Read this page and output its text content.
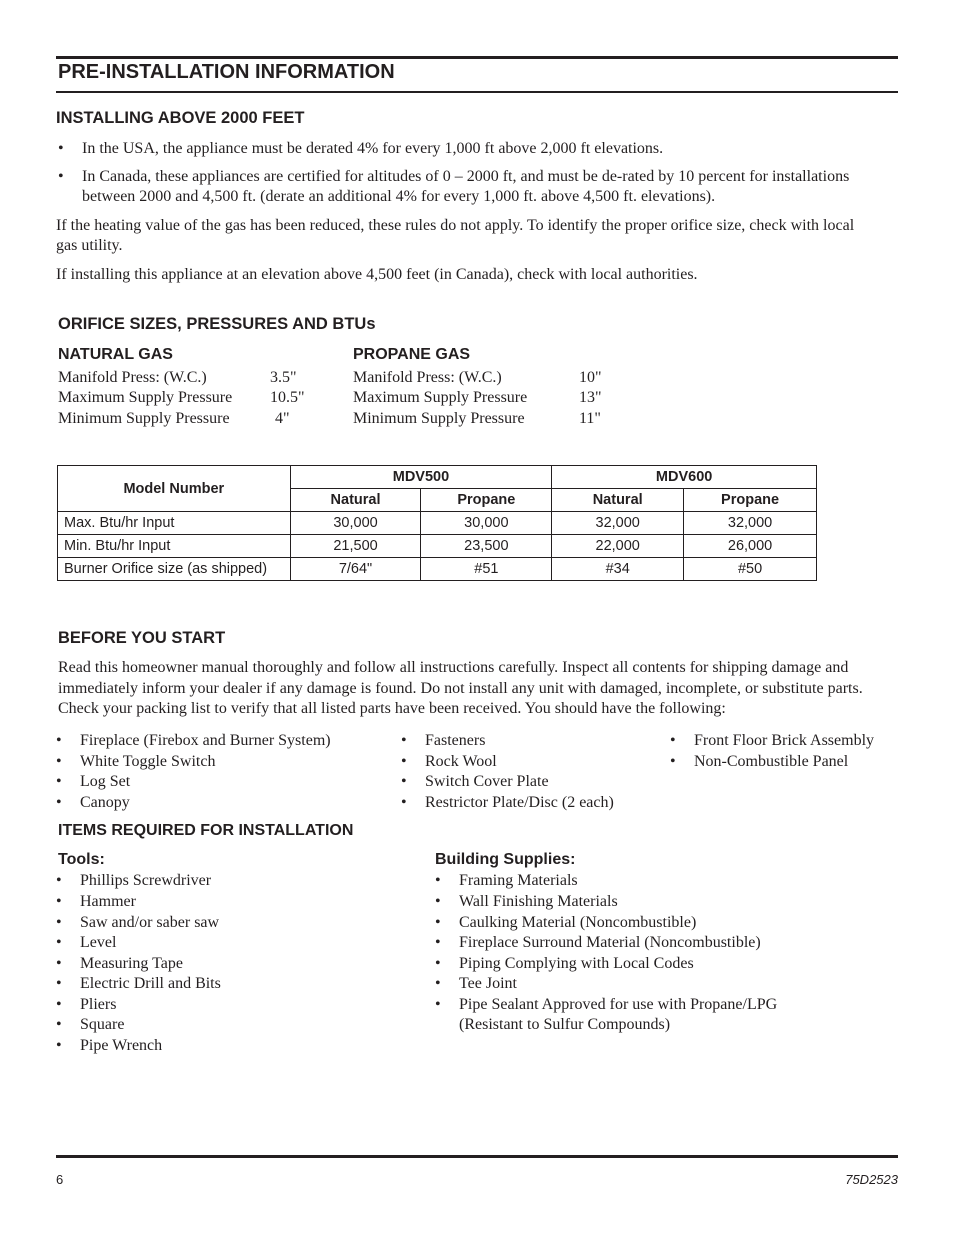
PRE-INSTALLATION INFORMATION
INSTALLING ABOVE 2000 FEET
• In the USA, the appliance must be derated 4% for every 1,000 ft above 2,000 ft elevations.
• In Canada, these appliances are certified for altitudes of 0 – 2000 ft, and must be de-rated by 10 percent for installations
between 2000 and 4,500 ft. (derate an additional 4% for every 1,000 ft. above 4,500 ft. elevations).
If the heating value of the gas has been reduced, these rules do not apply. To identify the proper orifice size, check with local
gas utility.
If installing this appliance at an elevation above 4,500 feet (in Canada), check with local authorities.
ORIFICE SIZES, PRESSURES AND BTUs
NATURAL GAS
Manifold Press: (W.C.)	3.5"
Maximum Supply Pressure 10.5"
Minimum Supply Pressure	4"
PROPANE GAS
Manifold Press: (W.C.)	10"
Maximum Supply Pressure	13"
Minimum Supply Pressure	11"
Model Number	MDV500		MDV600	
	Natural	Propane	Natural	Propane
Max. Btu/hr Input	30,000	30,000	32,000	32,000
Min. Btu/hr Input	21,500	23,500	22,000	26,000
Burner Orifice size (as shipped)	7/64"	#51	#34	#50
BEFORE YOU START
Read this homeowner manual thoroughly and follow all instructions carefully. Inspect all contents for shipping damage and
immediately inform your dealer if any damage is found. Do not install any unit with damaged, incomplete, or substitute parts.
Check your packing list to verify that all listed parts have been received. You should have the following:
• Fireplace (Firebox and Burner System)
• White Toggle Switch
• Log Set
• Canopy
• Fasteners
• Rock Wool
• Switch Cover Plate
• Restrictor Plate/Disc (2 each)
• Front Floor Brick Assembly
• Non-Combustible Panel
ITEMS REQUIRED FOR INSTALLATION
Tools:
• Phillips Screwdriver
• Hammer
• Saw and/or saber saw
• Level
• Measuring Tape
• Electric Drill and Bits
• Pliers
• Square
• Pipe Wrench
Building Supplies:
• Framing Materials
• Wall Finishing Materials
• Caulking Material (Noncombustible)
• Fireplace Surround Material (Noncombustible)
• Piping Complying with Local Codes
• Tee Joint
• Pipe Sealant Approved for use with Propane/LPG
(Resistant to Sulfur Compounds)
6	75D2523
